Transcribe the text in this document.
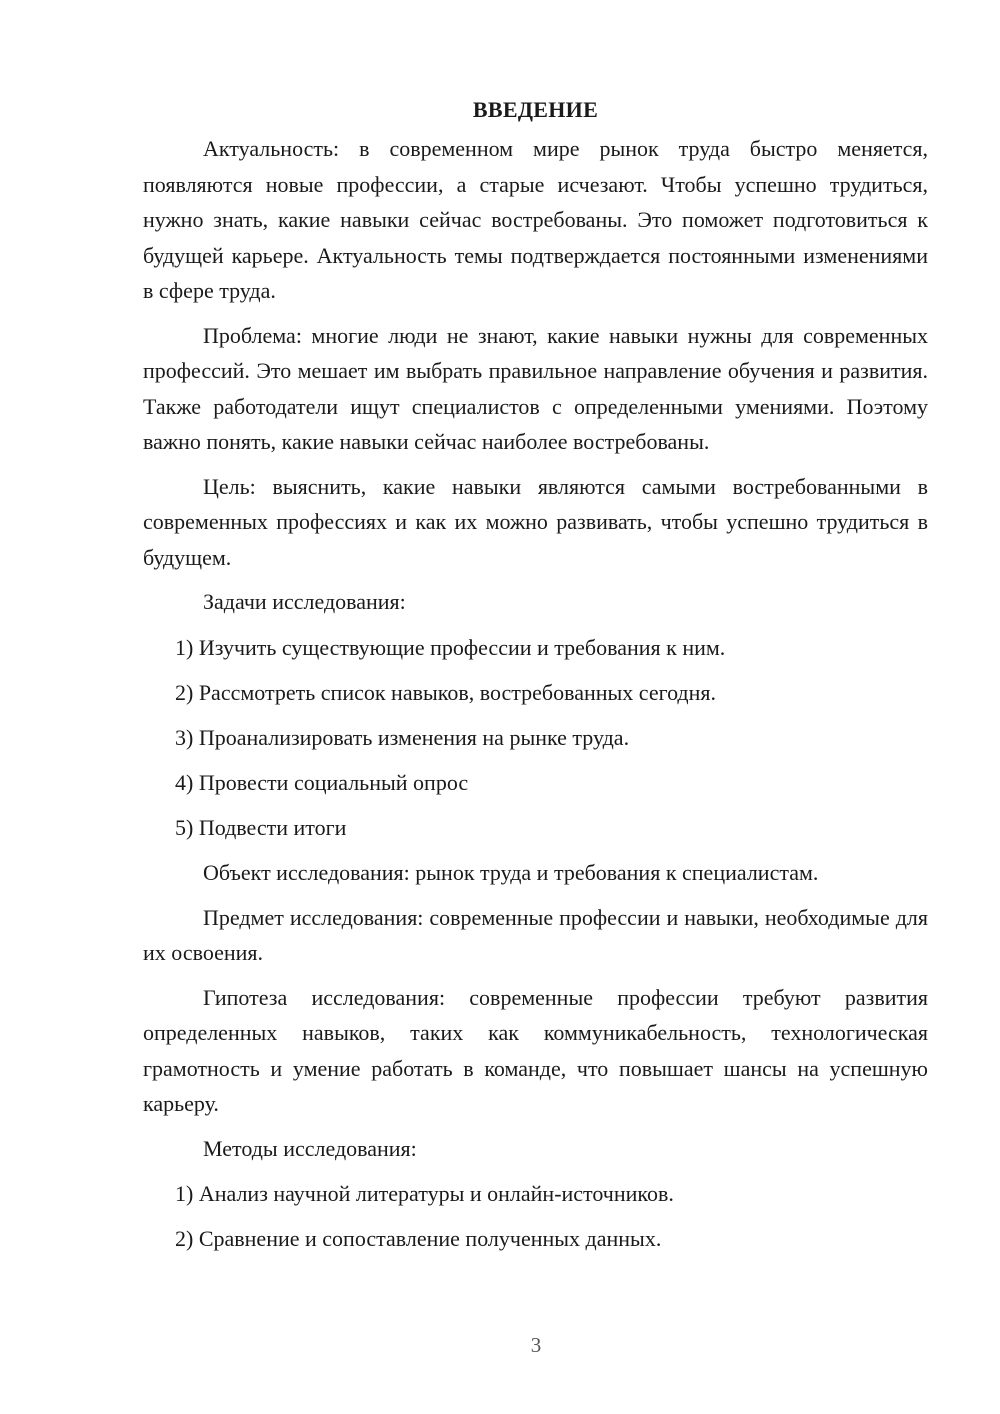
ВВЕДЕНИЕ

Актуальность: в современном мире рынок труда быстро меняется, появляются новые профессии, а старые исчезают. Чтобы успешно трудиться, нужно знать, какие навыки сейчас востребованы. Это поможет подготовиться к будущей карьере. Актуальность темы подтверждается постоянными изменениями в сфере труда.

Проблема: многие люди не знают, какие навыки нужны для современных профессий. Это мешает им выбрать правильное направление обучения и развития. Также работодатели ищут специалистов с определенными умениями. Поэтому важно понять, какие навыки сейчас наиболее востребованы.

Цель: выяснить, какие навыки являются самыми востребованными в современных профессиях и как их можно развивать, чтобы успешно трудиться в будущем.

Задачи исследования:
1) Изучить существующие профессии и требования к ним.
2) Рассмотреть список навыков, востребованных сегодня.
3) Проанализировать изменения на рынке труда.
4) Провести социальный опрос
5) Подвести итоги

Объект исследования: рынок труда и требования к специалистам.

Предмет исследования: современные профессии и навыки, необходимые для их освоения.

Гипотеза исследования: современные профессии требуют развития определенных навыков, таких как коммуникабельность, технологическая грамотность и умение работать в команде, что повышает шансы на успешную карьеру.

Методы исследования:
1) Анализ научной литературы и онлайн-источников.
2) Сравнение и сопоставление полученных данных.
3
